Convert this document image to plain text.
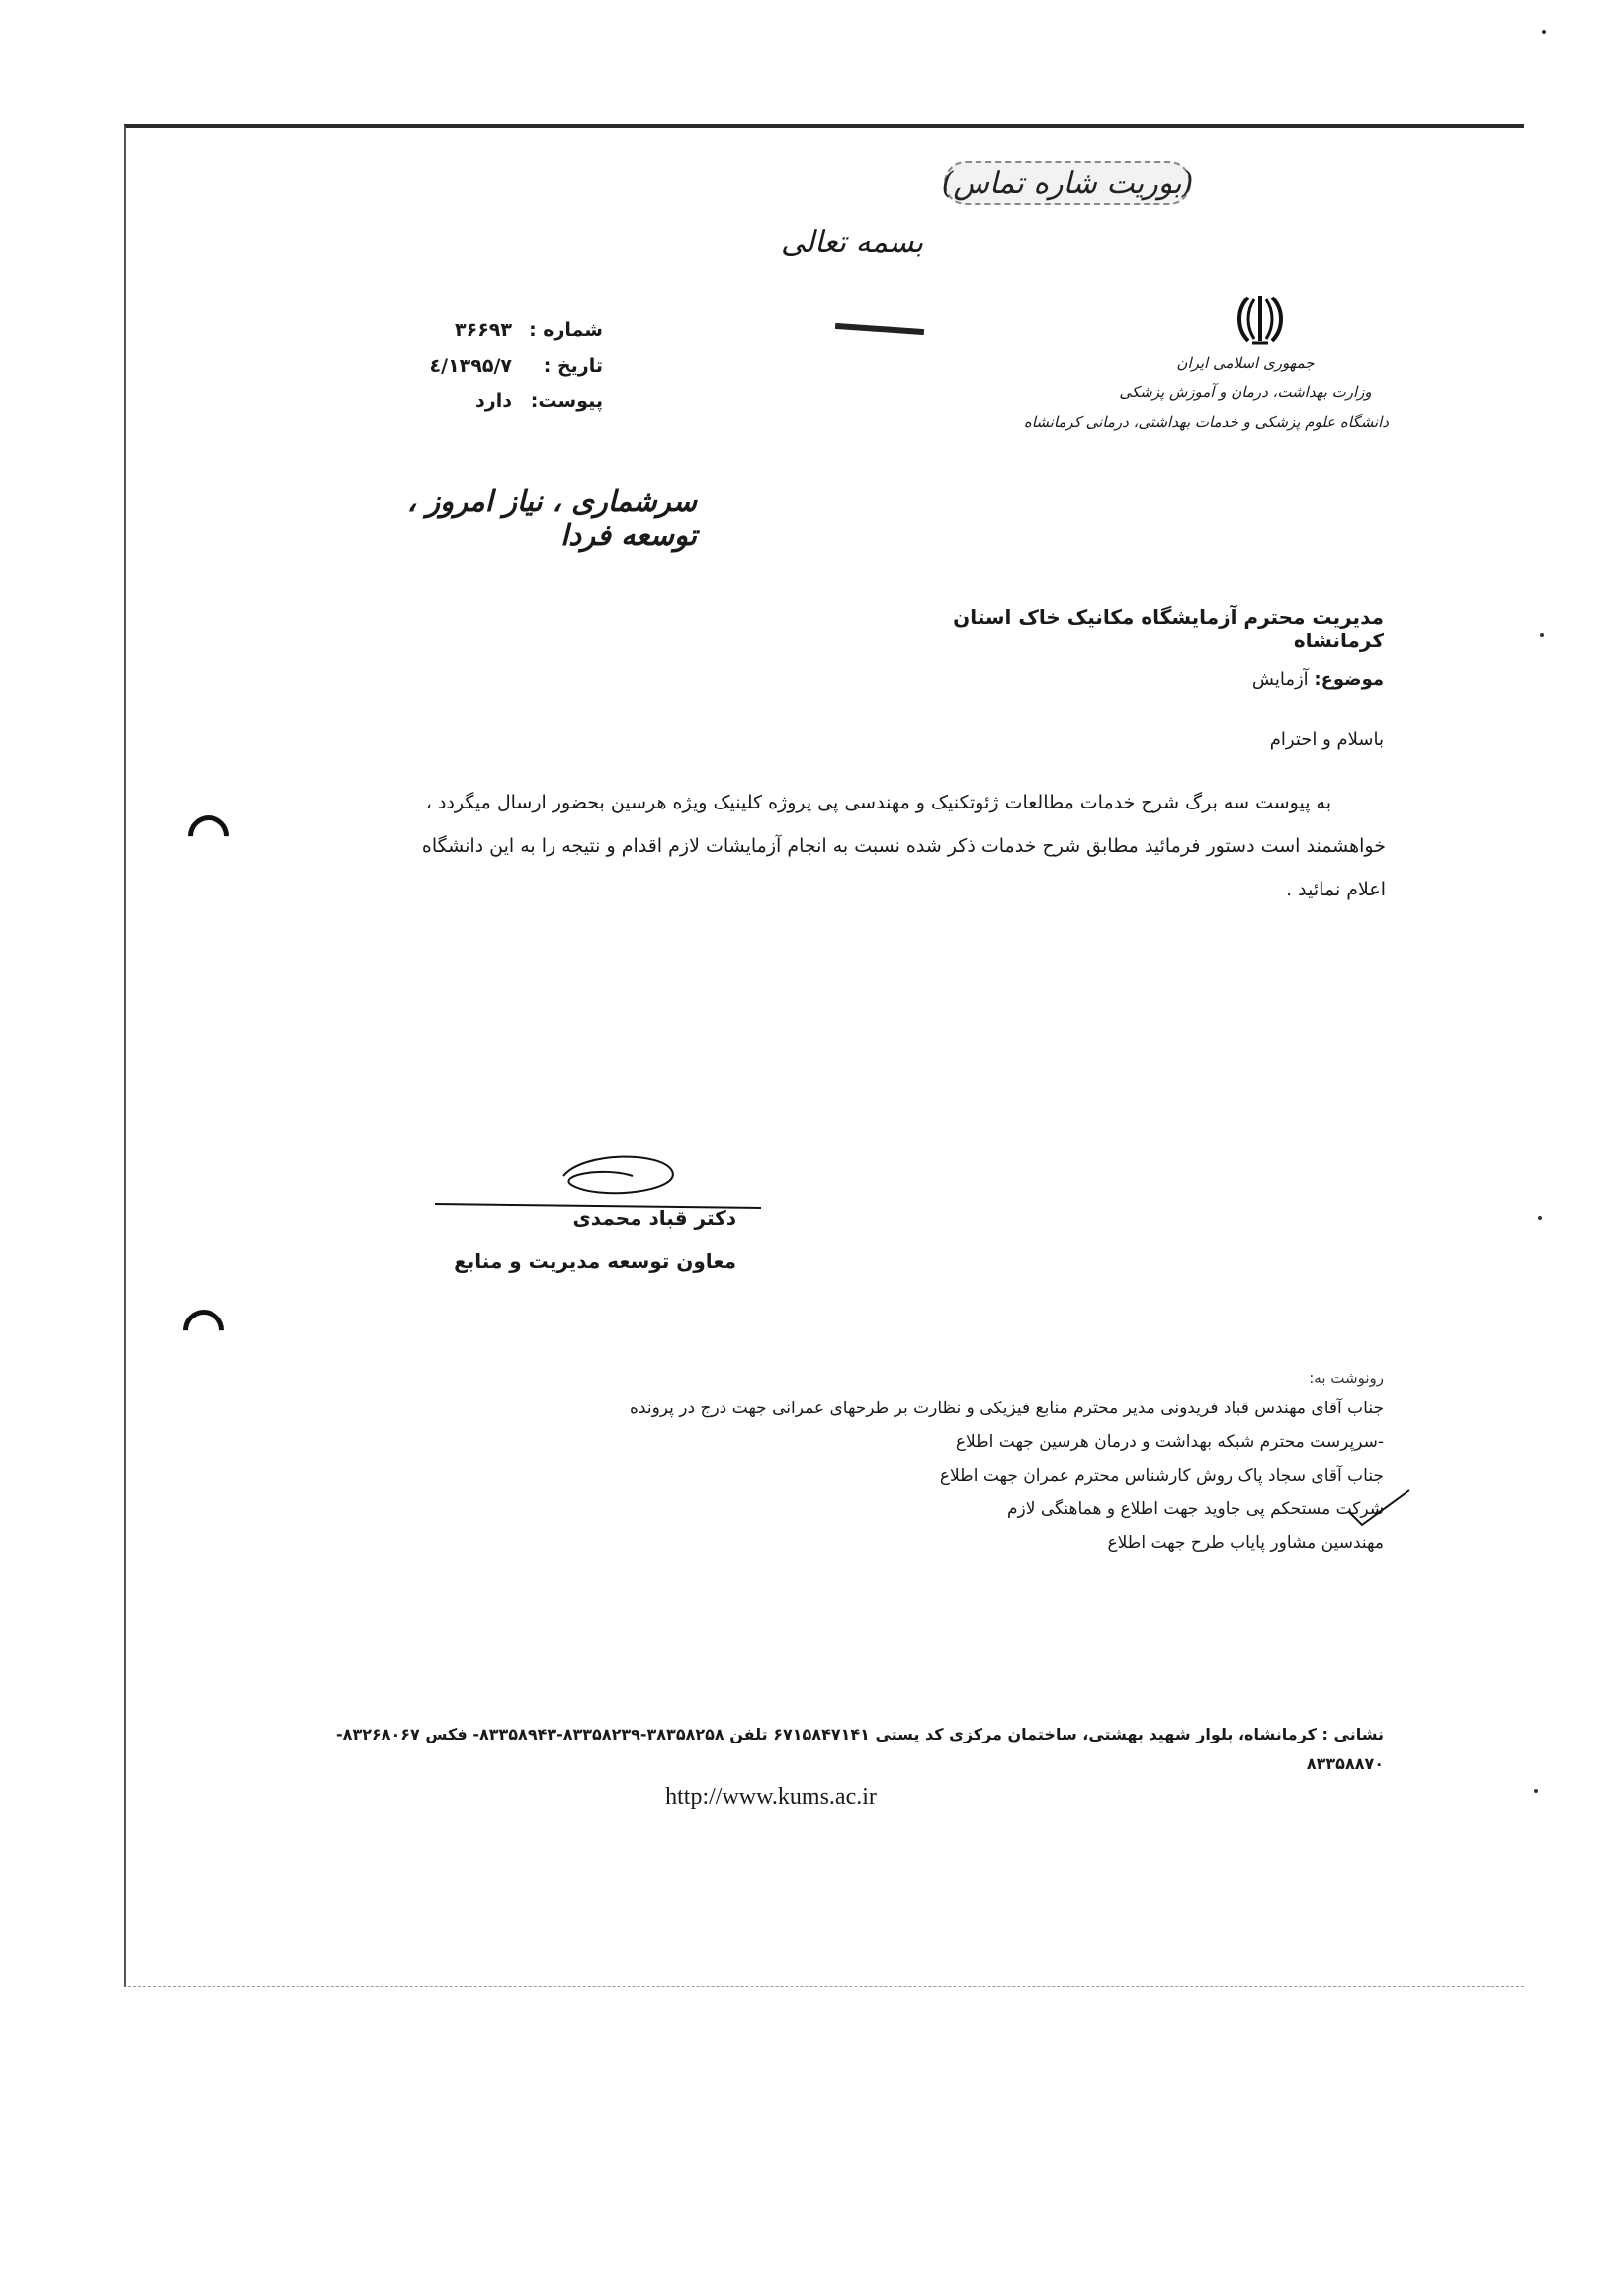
(بوریت شاره تماس)
بسمه تعالی
جمهوری اسلامی ایران
وزارت بهداشت، درمان و آموزش پزشکی
دانشگاه علوم پزشکی و خدمات بهداشتی، درمانی کرمانشاه
شماره :
۳۶۶۹۳
تاریخ :
۱۳۹۵/۷/٤
پیوست:
دارد
سرشماری ، نیاز امروز ، توسعه فردا
مدیریت محترم آزمایشگاه مکانیک خاک استان کرمانشاه
موضوع: آزمایش
باسلام و احترام
به پیوست سه برگ شرح خدمات مطالعات ژئوتکنیک و مهندسی پی پروژه کلینیک ویژه هرسین بحضور ارسال میگردد ،
خواهشمند است دستور فرمائید مطابق شرح خدمات ذکر شده نسبت به انجام آزمایشات لازم اقدام و نتیجه را به این دانشگاه
اعلام نمائید .
دکتر قباد محمدی
معاون توسعه مدیریت و منابع
رونوشت به:
جناب آقای مهندس قباد فریدونی مدیر محترم منابع فیزیکی و نظارت بر طرحهای عمرانی جهت درج در پرونده
-سرپرست محترم شبکه بهداشت و درمان هرسین جهت اطلاع
جناب آقای سجاد پاک روش کارشناس محترم عمران جهت اطلاع
شرکت مستحکم پی جاوید جهت اطلاع و هماهنگی لازم
مهندسین مشاور پایاب طرح جهت اطلاع
نشانی : کرمانشاه، بلوار شهید بهشتی، ساختمان مرکزی کد پستی ۶۷۱۵۸۴۷۱۴۱ تلفن ۳۸۳۵۸۲۵۸-۸۳۳۵۸۲۳۹-۸۳۳۵۸۹۴۳- فکس ۸۳۲۶۸۰۶۷- ۸۳۳۵۸۸۷۰
http://www.kums.ac.ir
